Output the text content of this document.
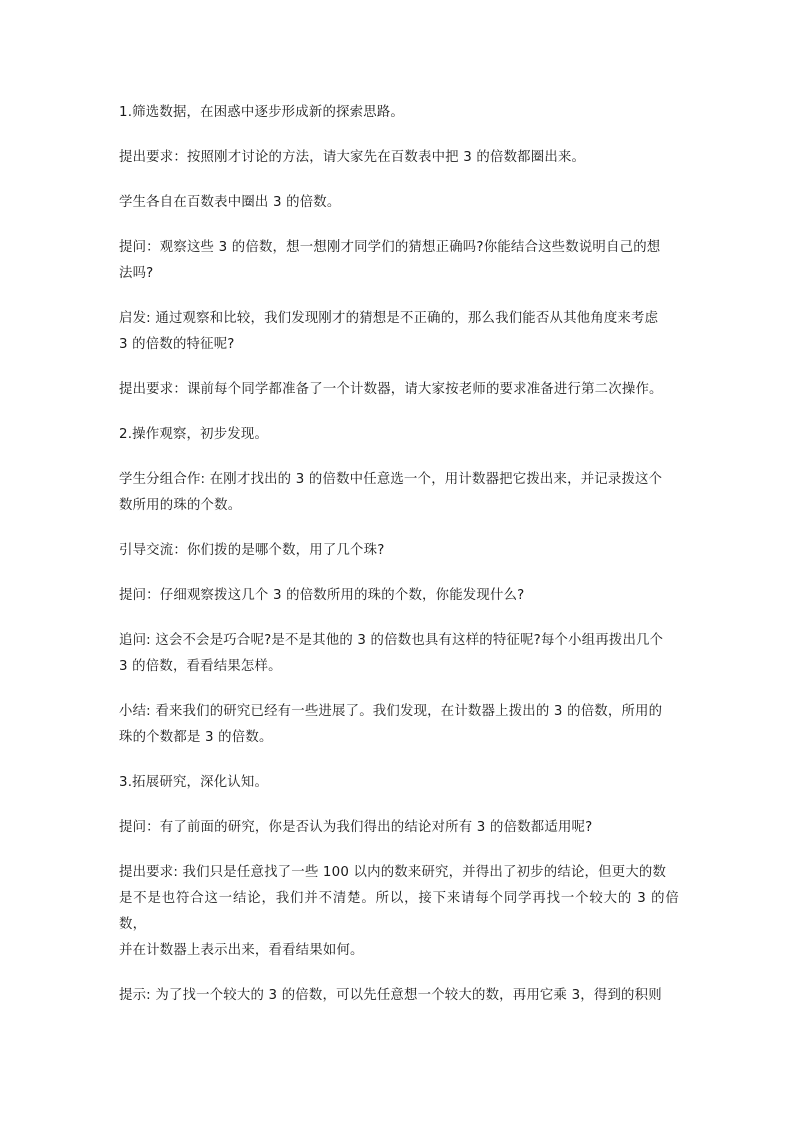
1.筛选数据，在困惑中逐步形成新的探索思路。

提出要求：按照刚才讨论的方法，请大家先在百数表中把 3 的倍数都圈出来。

学生各自在百数表中圈出 3 的倍数。

提问：观察这些 3 的倍数，想一想刚才同学们的猜想正确吗?你能结合这些数说明自己的想
法吗?

启发: 通过观察和比较，我们发现刚才的猜想是不正确的，那么我们能否从其他角度来考虑
3 的倍数的特征呢?

提出要求：课前每个同学都准备了一个计数器，请大家按老师的要求准备进行第二次操作。

2.操作观察，初步发现。

学生分组合作: 在刚才找出的 3 的倍数中任意选一个，用计数器把它拨出来，并记录拨这个
数所用的珠的个数。

引导交流：你们拨的是哪个数，用了几个珠?

提问：仔细观察拨这几个 3 的倍数所用的珠的个数，你能发现什么?

追问: 这会不会是巧合呢?是不是其他的 3 的倍数也具有这样的特征呢?每个小组再拨出几个
3 的倍数，看看结果怎样。

小结: 看来我们的研究已经有一些进展了。我们发现，在计数器上拨出的 3 的倍数，所用的
珠的个数都是 3 的倍数。

3.拓展研究，深化认知。

提问：有了前面的研究，你是否认为我们得出的结论对所有 3 的倍数都适用呢?

提出要求: 我们只是任意找了一些 100 以内的数来研究，并得出了初步的结论，但更大的数
是不是也符合这一结论，我们并不清楚。所以，接下来请每个同学再找一个较大的 3 的倍数，
并在计数器上表示出来，看看结果如何。

提示: 为了找一个较大的 3 的倍数，可以先任意想一个较大的数，再用它乘 3，得到的积则
